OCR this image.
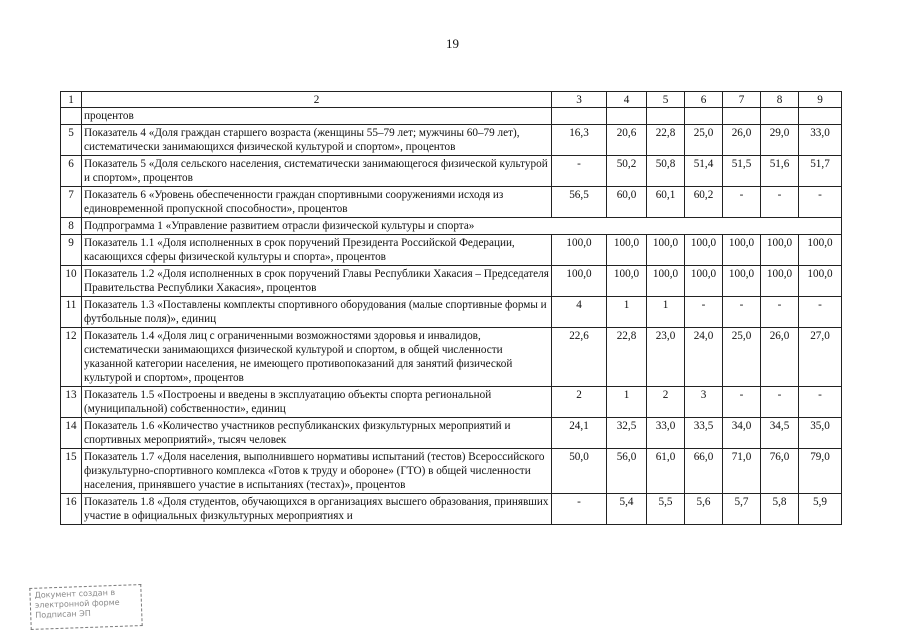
19
1	2	3	4	5	6	7	8	9
	процентов							
5	Показатель 4 «Доля граждан старшего возраста (женщины 55–79 лет; мужчины 60–79 лет), систематически занимающихся физической культурой и спортом», процентов	16,3	20,6	22,8	25,0	26,0	29,0	33,0
6	Показатель 5 «Доля сельского населения, систематически занимающегося физической культурой и спортом», процентов	-	50,2	50,8	51,4	51,5	51,6	51,7
7	Показатель 6 «Уровень обеспеченности граждан спортивными сооружениями исходя из единовременной пропускной способности», процентов	56,5	60,0	60,1	60,2	-	-	-
8	Подпрограмма 1 «Управление развитием отрасли физической культуры и спорта»							
9	Показатель 1.1 «Доля исполненных в срок поручений Президента Российской Федерации, касающихся сферы физической культуры и спорта», процентов	100,0	100,0	100,0	100,0	100,0	100,0	100,0
10	Показатель 1.2 «Доля исполненных в срок поручений Главы Республики Хакасия – Председателя Правительства Республики Хакасия», процентов	100,0	100,0	100,0	100,0	100,0	100,0	100,0
11	Показатель 1.3 «Поставлены комплекты спортивного оборудования (малые спортивные формы и футбольные поля)», единиц	4	1	1	-	-	-	-
12	Показатель 1.4 «Доля лиц с ограниченными возможностями здоровья и инвалидов, систематически занимающихся физической культурой и спортом, в общей численности указанной категории населения, не имеющего противопоказаний для занятий физической культурой и спортом», процентов	22,6	22,8	23,0	24,0	25,0	26,0	27,0
13	Показатель 1.5 «Построены и введены в эксплуатацию объекты спорта региональной (муниципальной) собственности», единиц	2	1	2	3	-	-	-
14	Показатель 1.6 «Количество участников республиканских физкультурных мероприятий и спортивных мероприятий», тысяч человек	24,1	32,5	33,0	33,5	34,0	34,5	35,0
15	Показатель 1.7 «Доля населения, выполнившего нормативы испытаний (тестов) Всероссийского физкультурно-спортивного комплекса «Готов к труду и обороне» (ГТО) в общей численности населения, принявшего участие в испытаниях (тестах)», процентов	50,0	56,0	61,0	66,0	71,0	76,0	79,0
16	Показатель 1.8 «Доля студентов, обучающихся в организациях высшего образования, принявших участие в официальных физкультурных мероприятиях и	-	5,4	5,5	5,6	5,7	5,8	5,9
Документ создан в
электронной форме
Подписан ЭП
